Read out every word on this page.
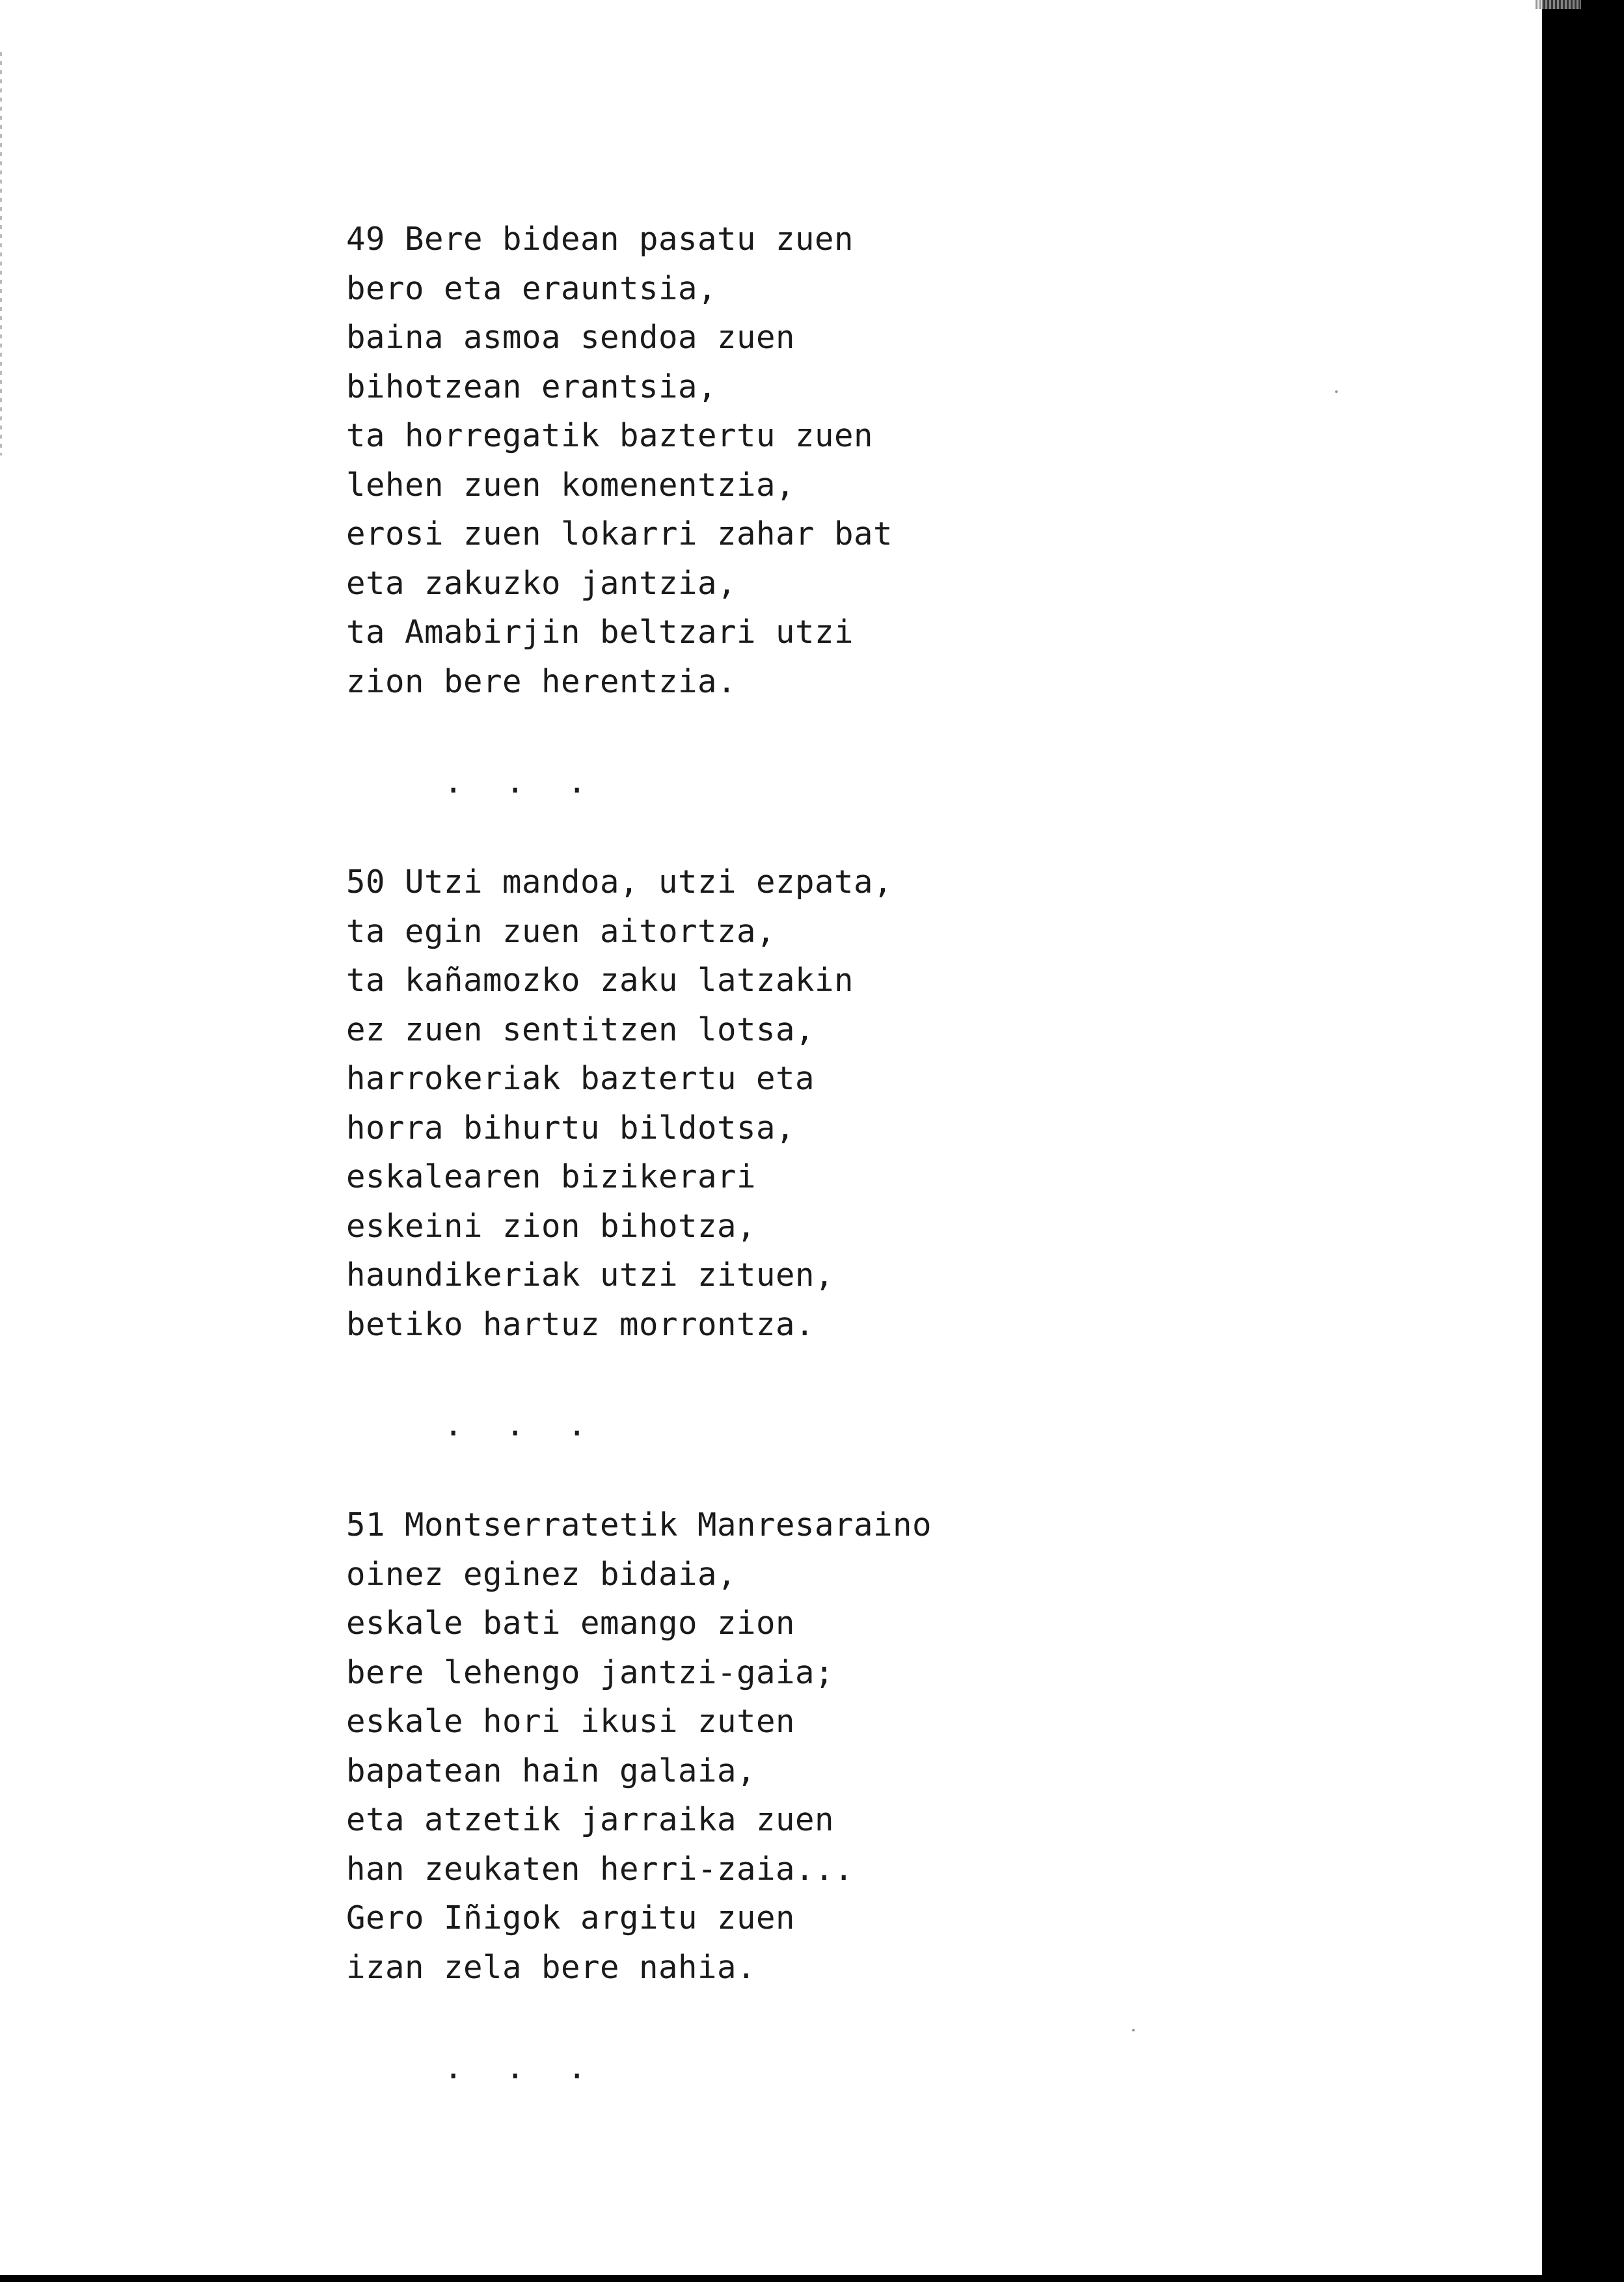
49 Bere bidean pasatu zuen
bero eta erauntsia,
baina asmoa sendoa zuen
bihotzean erantsia,
ta horregatik baztertu zuen
lehen zuen komenentzia,
erosi zuen lokarri zahar bat
eta zakuzko jantzia,
ta Amabirjin beltzari utzi
zion bere herentzia.
. . .
50 Utzi mandoa, utzi ezpata,
ta egin zuen aitortza,
ta kañamozko zaku latzakin
ez zuen sentitzen lotsa,
harrokeriak baztertu eta
horra bihurtu bildotsa,
eskalearen bizikerari
eskeini zion bihotza,
haundikeriak utzi zituen,
betiko hartuz morrontza.
. . .
51 Montserratetik Manresaraino
oinez eginez bidaia,
eskale bati emango zion
bere lehengo jantzi-gaia;
eskale hori ikusi zuten
bapatean hain galaia,
eta atzetik jarraika zuen
han zeukaten herri-zaia...
Gero Iñigok argitu zuen
izan zela bere nahia.
. . .
